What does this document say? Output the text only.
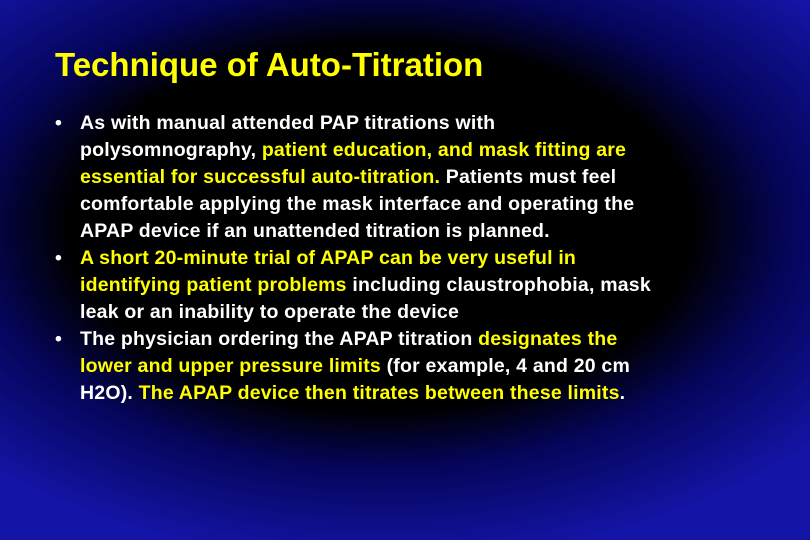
Technique of Auto-Titration
• As with manual attended PAP titrations with
polysomnography, patient education, and mask fitting are
essential for successful auto-titration. Patients must feel
comfortable applying the mask interface and operating the
APAP device if an unattended titration is planned.
• A short 20-minute trial of APAP can be very useful in
identifying patient problems including claustrophobia, mask
leak or an inability to operate the device
• The physician ordering the APAP titration designates the
lower and upper pressure limits (for example, 4 and 20 cm
H2O). The APAP device then titrates between these limits.
